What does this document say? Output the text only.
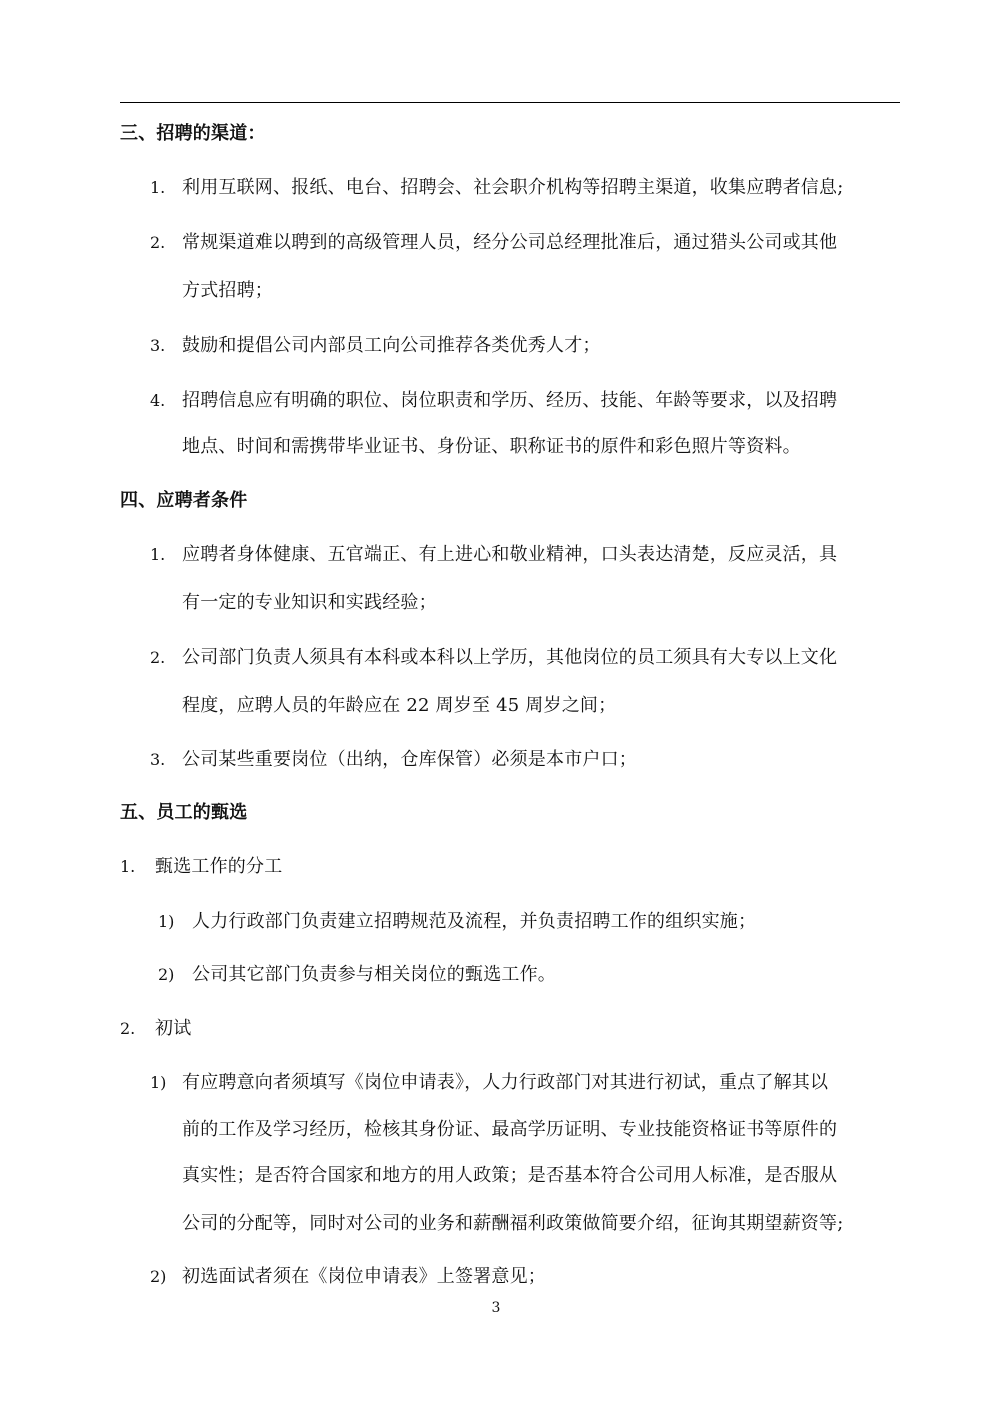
三、招聘的渠道：
1. 利用互联网、报纸、电台、招聘会、社会职介机构等招聘主渠道，收集应聘者信息;
2. 常规渠道难以聘到的高级管理人员，经分公司总经理批准后，通过猎头公司或其他
方式招聘；
3. 鼓励和提倡公司内部员工向公司推荐各类优秀人才；
4. 招聘信息应有明确的职位、岗位职责和学历、经历、技能、年龄等要求，以及招聘
地点、时间和需携带毕业证书、身份证、职称证书的原件和彩色照片等资料。
四、应聘者条件
1. 应聘者身体健康、五官端正、有上进心和敬业精神，口头表达清楚，反应灵活，具
有一定的专业知识和实践经验；
2. 公司部门负责人须具有本科或本科以上学历，其他岗位的员工须具有大专以上文化
程度，应聘人员的年龄应在 22 周岁至 45 周岁之间；
3. 公司某些重要岗位（出纳，仓库保管）必须是本市户口；
五、员工的甄选
1. 甄选工作的分工
1) 人力行政部门负责建立招聘规范及流程，并负责招聘工作的组织实施；
2) 公司其它部门负责参与相关岗位的甄选工作。
2. 初试
1) 有应聘意向者须填写《岗位申请表》，人力行政部门对其进行初试，重点了解其以
前的工作及学习经历，检核其身份证、最高学历证明、专业技能资格证书等原件的
真实性；是否符合国家和地方的用人政策；是否基本符合公司用人标准，是否服从
公司的分配等，同时对公司的业务和薪酬福利政策做简要介绍，征询其期望薪资等;
2) 初选面试者须在《岗位申请表》上签署意见；
3
